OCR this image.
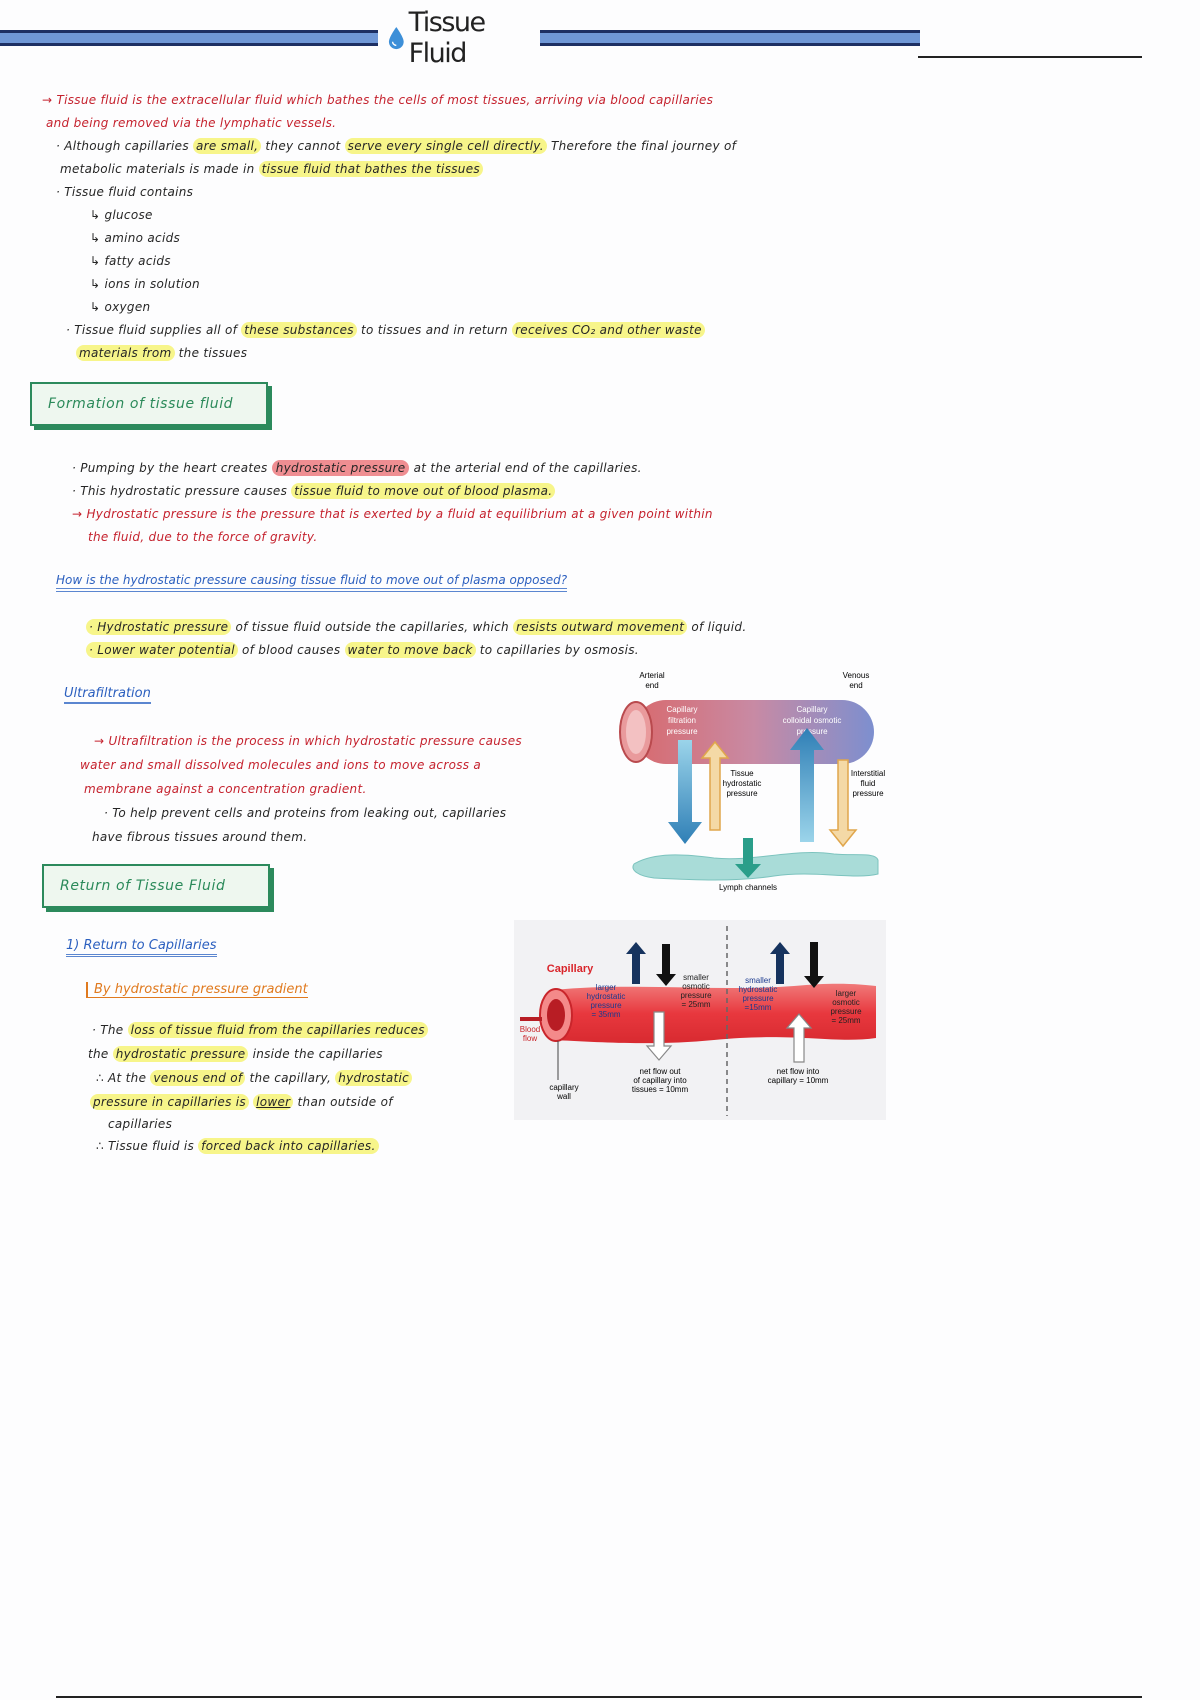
Tissue Fluid
→ Tissue fluid is the extracellular fluid which bathes the cells of most tissues, arriving via blood capillaries
and being removed via the lymphatic vessels.
· Although capillaries are small, they cannot serve every single cell directly. Therefore the final journey of
metabolic materials is made in tissue fluid that bathes the tissues
· Tissue fluid contains
↳ glucose
↳ amino acids
↳ fatty acids
↳ ions in solution
↳ oxygen
· Tissue fluid supplies all of these substances to tissues and in return receives CO₂ and other waste
materials from the tissues
Formation of tissue fluid
· Pumping by the heart creates hydrostatic pressure at the arterial end of the capillaries.
· This hydrostatic pressure causes tissue fluid to move out of blood plasma.
→ Hydrostatic pressure is the pressure that is exerted by a fluid at equilibrium at a given point within
the fluid, due to the force of gravity.
How is the hydrostatic pressure causing tissue fluid to move out of plasma opposed?
· Hydrostatic pressure of tissue fluid outside the capillaries, which resists outward movement of liquid.
· Lower water potential of blood causes water to move back to capillaries by osmosis.
Ultrafiltration
→ Ultrafiltration is the process in which hydrostatic pressure causes
water and small dissolved molecules and ions to move across a
membrane against a concentration gradient.
· To help prevent cells and proteins from leaking out, capillaries
have fibrous tissues around them.
Arterial
end
Venous
end
Capillary
filtration
pressure
Capillary
colloidal osmotic
pressure
Tissue
hydrostatic
pressure
Interstitial
fluid
pressure
Lymph channels
Return of Tissue Fluid
1) Return to Capillaries
By hydrostatic pressure gradient
· The loss of tissue fluid from the capillaries reduces
the hydrostatic pressure inside the capillaries
∴ At the venous end of the capillary, hydrostatic
pressure in capillaries is lower than outside of
capillaries
∴ Tissue fluid is forced back into capillaries.
Capillary
Blood
flow
capillary
wall
larger
hydrostatic
pressure
= 35mm
smaller
osmotic
pressure
= 25mm
smaller
hydrostatic
pressure
=15mm
larger
osmotic
pressure
= 25mm
net flow out
of capillary into
tissues = 10mm
net flow into
capillary = 10mm
